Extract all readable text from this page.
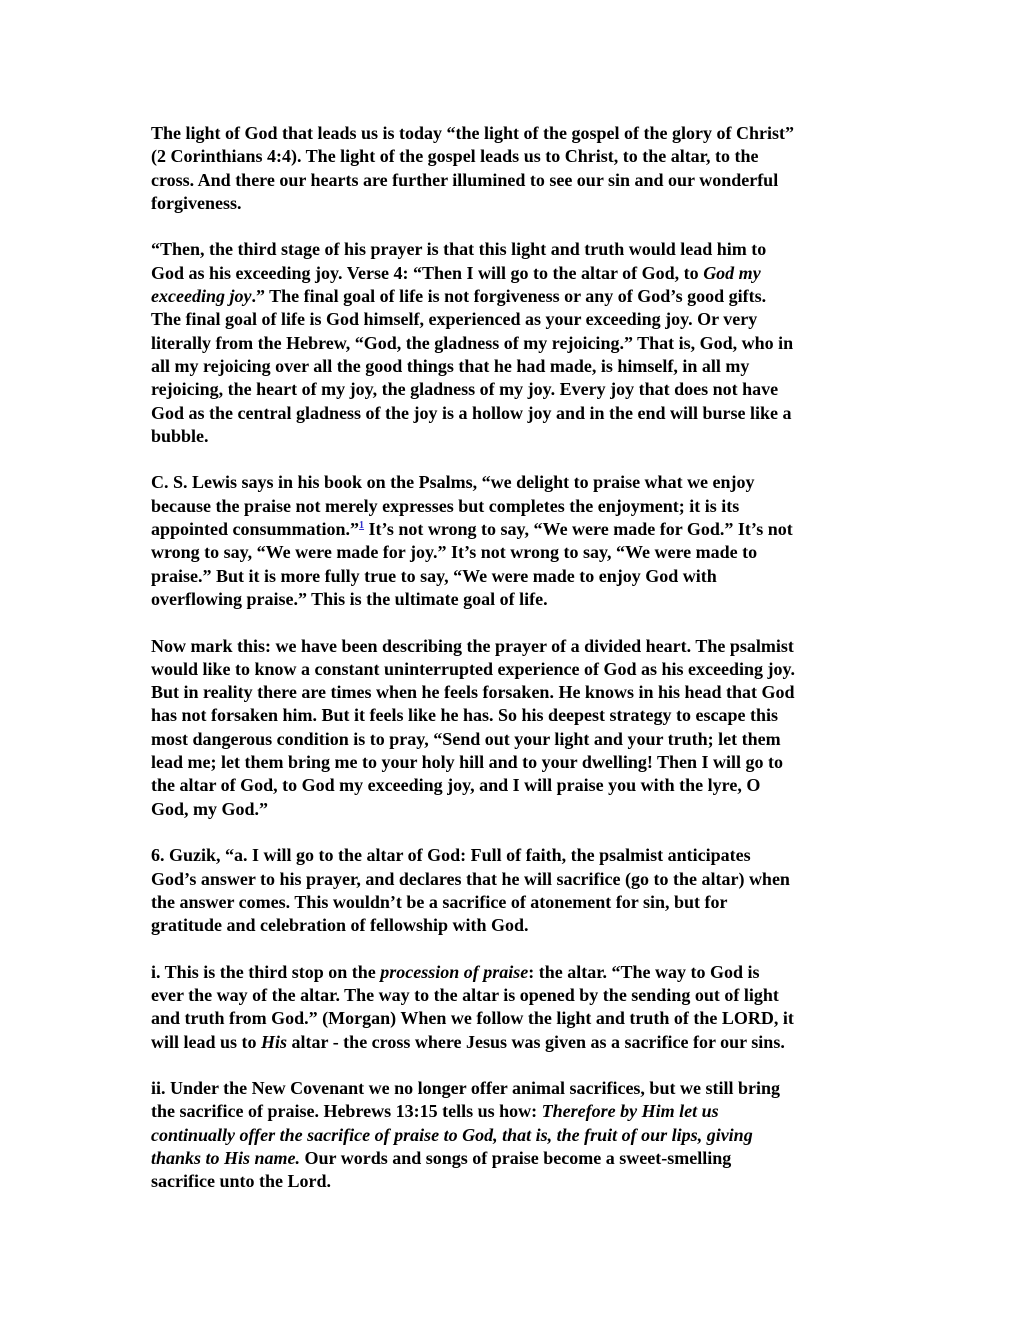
The light of God that leads us is today “the light of the gospel of the glory of Christ”
(2 Corinthians 4:4). The light of the gospel leads us to Christ, to the altar, to the
cross. And there our hearts are further illumined to see our sin and our wonderful
forgiveness.
“Then, the third stage of his prayer is that this light and truth would lead him to
God as his exceeding joy. Verse 4: “Then I will go to the altar of God, to God my
exceeding joy.” The final goal of life is not forgiveness or any of God’s good gifts.
The final goal of life is God himself, experienced as your exceeding joy. Or very
literally from the Hebrew, “God, the gladness of my rejoicing.” That is, God, who in
all my rejoicing over all the good things that he had made, is himself, in all my
rejoicing, the heart of my joy, the gladness of my joy. Every joy that does not have
God as the central gladness of the joy is a hollow joy and in the end will burse like a
bubble.
C. S. Lewis says in his book on the Psalms, “we delight to praise what we enjoy
because the praise not merely expresses but completes the enjoyment; it is its
appointed consummation.”$^1$ It’s not wrong to say, “We were made for God.” It’s not
wrong to say, “We were made for joy.” It’s not wrong to say, “We were made to
praise.” But it is more fully true to say, “We were made to enjoy God with
overflowing praise.” This is the ultimate goal of life.
Now mark this: we have been describing the prayer of a divided heart. The psalmist
would like to know a constant uninterrupted experience of God as his exceeding joy.
But in reality there are times when he feels forsaken. He knows in his head that God
has not forsaken him. But it feels like he has. So his deepest strategy to escape this
most dangerous condition is to pray, “Send out your light and your truth; let them
lead me; let them bring me to your holy hill and to your dwelling! Then I will go to
the altar of God, to God my exceeding joy, and I will praise you with the lyre, O
God, my God.”
6. Guzik, “a. I will go to the altar of God: Full of faith, the psalmist anticipates
God’s answer to his prayer, and declares that he will sacrifice (go to the altar) when
the answer comes. This wouldn’t be a sacrifice of atonement for sin, but for
gratitude and celebration of fellowship with God.
i. This is the third stop on the procession of praise: the altar. “The way to God is
ever the way of the altar. The way to the altar is opened by the sending out of light
and truth from God.” (Morgan) When we follow the light and truth of the LORD, it
will lead us to His altar - the cross where Jesus was given as a sacrifice for our sins.
ii. Under the New Covenant we no longer offer animal sacrifices, but we still bring
the sacrifice of praise. Hebrews 13:15 tells us how: Therefore by Him let us
continually offer the sacrifice of praise to God, that is, the fruit of our lips, giving
thanks to His name. Our words and songs of praise become a sweet-smelling
sacrifice unto the Lord.
